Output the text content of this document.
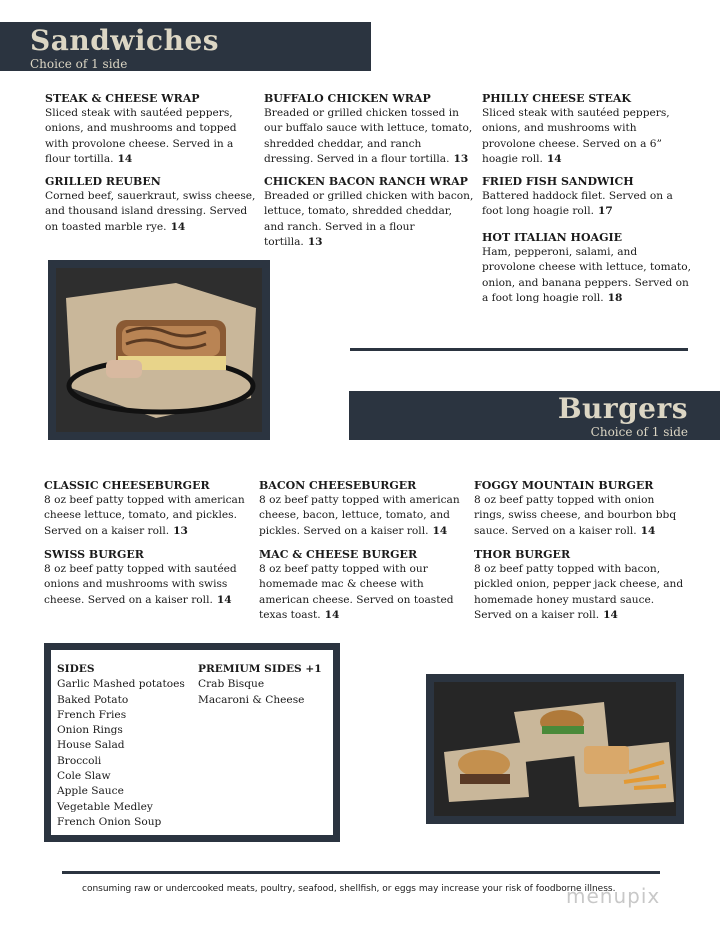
Sandwiches
Choice of 1 side
STEAK & CHEESE WRAP
Sliced steak with sautéed peppers, onions, and mushrooms and topped with provolone cheese. Served in a flour tortilla. 14
GRILLED REUBEN
Corned beef, sauerkraut, swiss cheese, and thousand island dressing. Served on toasted marble rye. 14
BUFFALO CHICKEN WRAP
Breaded or grilled chicken tossed in our buffalo sauce with lettuce, tomato, shredded cheddar, and ranch dressing. Served in a flour tortilla. 13
CHICKEN BACON RANCH WRAP
Breaded or grilled chicken with bacon, lettuce, tomato, shredded cheddar, and ranch. Served in a flour tortilla. 13
PHILLY CHEESE STEAK
Sliced steak with sautéed peppers, onions, and mushrooms with provolone cheese. Served on a 6” hoagie roll. 14
FRIED FISH SANDWICH
Battered haddock filet. Served on a foot long hoagie roll. 17
HOT ITALIAN HOAGIE
Ham, pepperoni, salami, and provolone cheese with lettuce, tomato, onion, and banana peppers. Served on a foot long hoagie roll. 18
Burgers
Choice of 1 side
CLASSIC CHEESEBURGER
8 oz beef patty topped with american cheese lettuce, tomato, and pickles. Served on a kaiser roll. 13
SWISS BURGER
8 oz beef patty topped with sautéed onions and mushrooms with swiss cheese. Served on a kaiser roll. 14
BACON CHEESEBURGER
8 oz beef patty topped with american cheese, bacon, lettuce, tomato, and pickles. Served on a kaiser roll. 14
MAC & CHEESE BURGER
8 oz beef patty topped with our homemade mac & cheese with american cheese. Served on toasted texas toast. 14
FOGGY MOUNTAIN BURGER
8 oz beef patty topped with onion rings, swiss cheese, and bourbon bbq sauce. Served on a kaiser roll. 14
THOR BURGER
8 oz beef patty topped with bacon, pickled onion, pepper jack cheese, and homemade honey mustard sauce. Served on a kaiser roll. 14
SIDES
Garlic Mashed potatoes
Baked Potato
French Fries
Onion Rings
House Salad
Broccoli
Cole Slaw
Apple Sauce
Vegetable Medley
French Onion Soup
PREMIUM SIDES +1
Crab Bisque
Macaroni & Cheese
consuming raw or undercooked meats, poultry, seafood, shellfish, or eggs may increase your risk of foodborne illness.
menupix
